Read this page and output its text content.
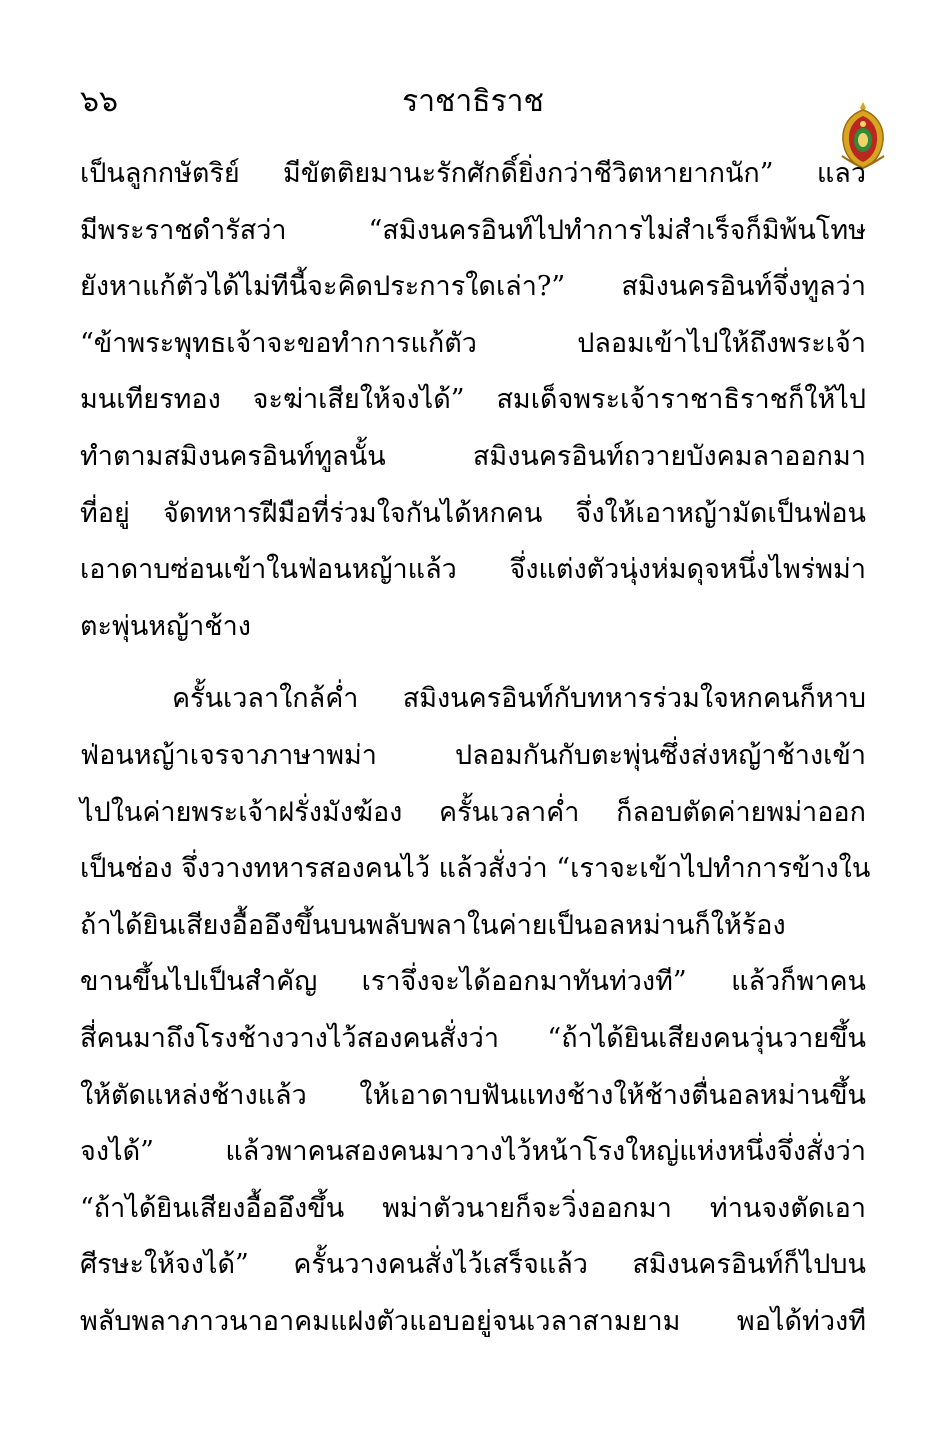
๖๖	ราชาธิราช
เป็นลูกกษัตริย์ มีขัตติยมานะรักศักดิ์ยิ่งกว่าชีวิตหายากนัก” แลว
มีพระราชดำรัสว่า “สมิงนครอินท์ไปทำการไม่สำเร็จก็มิพ้นโทษ
ยังหาแก้ตัวได้ไม่ทีนี้จะคิดประการใดเล่า?” สมิงนครอินท์จึ่งทูลว่า
“ข้าพระพุทธเจ้าจะขอทำการแก้ตัว ปลอมเข้าไปให้ถึงพระเจ้า
มนเทียรทอง จะฆ่าเสียให้จงได้” สมเด็จพระเจ้าราชาธิราชก็ให้ไป
ทำตามสมิงนครอินท์ทูลนั้น สมิงนครอินท์ถวายบังคมลาออกมา
ที่อยู่ จัดทหารฝีมือที่ร่วมใจกันได้หกคน จึ่งให้เอาหญ้ามัดเป็นฟ่อน
เอาดาบซ่อนเข้าในฟ่อนหญ้าแล้ว จึ่งแต่งตัวนุ่งห่มดุจหนึ่งไพร่พม่า
ตะพุ่นหญ้าช้าง
ครั้นเวลาใกล้ค่ำ สมิงนครอินท์กับทหารร่วมใจหกคนก็หาบ
ฟ่อนหญ้าเจรจาภาษาพม่า ปลอมกันกับตะพุ่นซึ่งส่งหญ้าช้างเข้า
ไปในค่ายพระเจ้าฝรั่งมังฆ้อง ครั้นเวลาค่ำ ก็ลอบตัดค่ายพม่าออก
เป็นช่อง จึ่งวางทหารสองคนไว้ แล้วสั่งว่า “เราจะเข้าไปทำการข้างใน
ถ้าได้ยินเสียงอื้ออึงขึ้นบนพลับพลาในค่ายเป็นอลหม่านก็ให้ร้อง
ขานขึ้นไปเป็นสำคัญ เราจึ่งจะได้ออกมาทันท่วงที” แล้วก็พาคน
สี่คนมาถึงโรงช้างวางไว้สองคนสั่งว่า “ถ้าได้ยินเสียงคนวุ่นวายขึ้น
ให้ตัดแหล่งช้างแล้ว ให้เอาดาบฟันแทงช้างให้ช้างตื่นอลหม่านขึ้น
จงได้” แล้วพาคนสองคนมาวางไว้หน้าโรงใหญ่แห่งหนึ่งจึ่งสั่งว่า
“ถ้าได้ยินเสียงอื้ออึงขึ้น พม่าตัวนายก็จะวิ่งออกมา ท่านจงตัดเอา
ศีรษะให้จงได้” ครั้นวางคนสั่งไว้เสร็จแล้ว สมิงนครอินท์ก็ไปบน
พลับพลาภาวนาอาคมแฝงตัวแอบอยู่จนเวลาสามยาม พอได้ท่วงที
